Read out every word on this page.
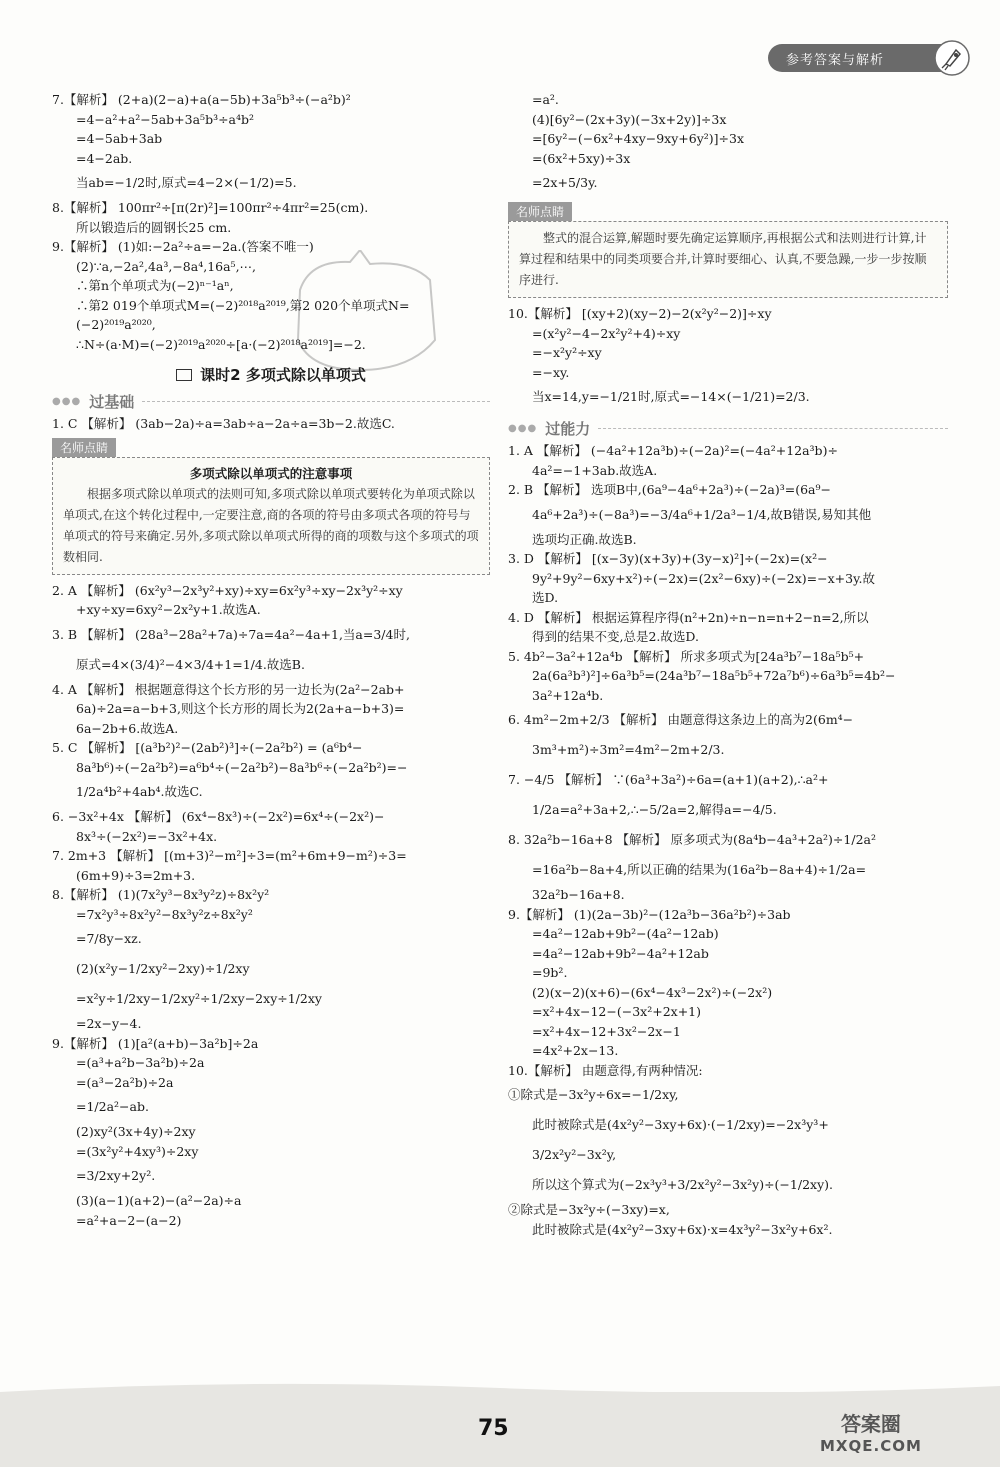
参考答案与解析

7.【解析】 (2+a)(2−a)+a(a−5b)+3a⁵b³÷(−a²b)²

=4−a²+a²−5ab+3a⁵b³÷a⁴b²

=4−5ab+3ab

=4−2ab.

当ab=−1/2时,原式=4−2×(−1/2)=5.

8.【解析】 100πr²÷[π(2r)²]=100πr²÷4πr²=25(cm).

所以锻造后的圆钢长25 cm.

9.【解析】 (1)如:−2a²÷a=−2a.(答案不唯一)

(2)∵a,−2a²,4a³,−8a⁴,16a⁵,⋯,

∴第n个单项式为(−2)ⁿ⁻¹aⁿ,

∴第2 019个单项式M=(−2)²⁰¹⁸a²⁰¹⁹,第2 020个单项式N=

(−2)²⁰¹⁹a²⁰²⁰,

∴N÷(a·M)=(−2)²⁰¹⁹a²⁰²⁰÷[a·(−2)²⁰¹⁸a²⁰¹⁹]=−2.

课时2 多项式除以单项式
●●● 过基础

1. C 【解析】 (3ab−2a)÷a=3ab÷a−2a÷a=3b−2.故选C.

名师点睛
多项式除以单项式的注意事项
根据多项式除以单项式的法则可知,多项式除以单项式要转化为单项式除以单项式,在这个转化过程中,一定要注意,商的各项的符号由多项式各项的符号与单项式的符号来确定.另外,多项式除以单项式所得的商的项数与这个多项式的项数相同.

2. A 【解析】 (6x²y³−2x³y²+xy)÷xy=6x²y³÷xy−2x³y²÷xy

+xy÷xy=6xy²−2x²y+1.故选A.

3. B 【解析】 (28a³−28a²+7a)÷7a=4a²−4a+1,当a=3/4时,

原式=4×(3/4)²−4×3/4+1=1/4.故选B.

4. A 【解析】 根据题意得这个长方形的另一边长为(2a²−2ab+

6a)÷2a=a−b+3,则这个长方形的周长为2(2a+a−b+3)=

6a−2b+6.故选A.

5. C 【解析】 [(a³b²)²−(2ab²)³]÷(−2a²b²) = (a⁶b⁴−

8a³b⁶)÷(−2a²b²)=a⁶b⁴÷(−2a²b²)−8a³b⁶÷(−2a²b²)=−

1/2a⁴b²+4ab⁴.故选C.

6. −3x²+4x 【解析】 (6x⁴−8x³)÷(−2x²)=6x⁴÷(−2x²)−

8x³÷(−2x²)=−3x²+4x.

7. 2m+3 【解析】 [(m+3)²−m²]÷3=(m²+6m+9−m²)÷3=

(6m+9)÷3=2m+3.

8.【解析】 (1)(7x²y³−8x³y²z)÷8x²y²

=7x²y³÷8x²y²−8x³y²z÷8x²y²

=7/8y−xz.

(2)(x²y−1/2xy²−2xy)÷1/2xy

=x²y÷1/2xy−1/2xy²÷1/2xy−2xy÷1/2xy

=2x−y−4.

9.【解析】 (1)[a²(a+b)−3a²b]÷2a

=(a³+a²b−3a²b)÷2a

=(a³−2a²b)÷2a

=1/2a²−ab.

(2)xy²(3x+4y)÷2xy

=(3x²y²+4xy³)÷2xy

=3/2xy+2y².

(3)(a−1)(a+2)−(a²−2a)÷a

=a²+a−2−(a−2)

=a².

(4)[6y²−(2x+3y)(−3x+2y)]÷3x

=[6y²−(−6x²+4xy−9xy+6y²)]÷3x

=(6x²+5xy)÷3x

=2x+5/3y.

名师点睛
整式的混合运算,解题时要先确定运算顺序,再根据公式和法则进行计算,计算过程和结果中的同类项要合并,计算时要细心、认真,不要急躁,一步一步按顺序进行.

10.【解析】 [(xy+2)(xy−2)−2(x²y²−2)]÷xy

=(x²y²−4−2x²y²+4)÷xy

=−x²y²÷xy

=−xy.

当x=14,y=−1/21时,原式=−14×(−1/21)=2/3.

●●● 过能力

1. A 【解析】 (−4a²+12a³b)÷(−2a)²=(−4a²+12a³b)÷

4a²=−1+3ab.故选A.

2. B 【解析】 选项B中,(6a⁹−4a⁶+2a³)÷(−2a)³=(6a⁹−

4a⁶+2a³)÷(−8a³)=−3/4a⁶+1/2a³−1/4,故B错误,易知其他

选项均正确.故选B.

3. D 【解析】 [(x−3y)(x+3y)+(3y−x)²]÷(−2x)=(x²−

9y²+9y²−6xy+x²)÷(−2x)=(2x²−6xy)÷(−2x)=−x+3y.故

选D.

4. D 【解析】 根据运算程序得(n²+2n)÷n−n=n+2−n=2,所以

得到的结果不变,总是2.故选D.

5. 4b²−3a²+12a⁴b 【解析】 所求多项式为[24a³b⁷−18a⁵b⁵+

2a(6a³b³)²]÷6a³b⁵=(24a³b⁷−18a⁵b⁵+72a⁷b⁶)÷6a³b⁵=4b²−

3a²+12a⁴b.

6. 4m²−2m+2/3 【解析】 由题意得这条边上的高为2(6m⁴−

3m³+m²)÷3m²=4m²−2m+2/3.

7. −4/5 【解析】 ∵(6a³+3a²)÷6a=(a+1)(a+2),∴a²+

1/2a=a²+3a+2,∴−5/2a=2,解得a=−4/5.

8. 32a²b−16a+8 【解析】 原多项式为(8a⁴b−4a³+2a²)÷1/2a²

=16a²b−8a+4,所以正确的结果为(16a²b−8a+4)÷1/2a=

32a²b−16a+8.

9.【解析】 (1)(2a−3b)²−(12a³b−36a²b²)÷3ab

=4a²−12ab+9b²−(4a²−12ab)

=4a²−12ab+9b²−4a²+12ab

=9b².

(2)(x−2)(x+6)−(6x⁴−4x³−2x²)÷(−2x²)

=x²+4x−12−(−3x²+2x+1)

=x²+4x−12+3x²−2x−1

=4x²+2x−13.

10.【解析】 由题意得,有两种情况:

①除式是−3x²y÷6x=−1/2xy,

此时被除式是(4x²y²−3xy+6x)·(−1/2xy)=−2x³y³+

3/2x²y²−3x²y,

所以这个算式为(−2x³y³+3/2x²y²−3x²y)÷(−1/2xy).

②除式是−3x²y÷(−3xy)=x,

此时被除式是(4x²y²−3xy+6x)·x=4x³y²−3x²y+6x².

75	答案圈
MXQE.COM
